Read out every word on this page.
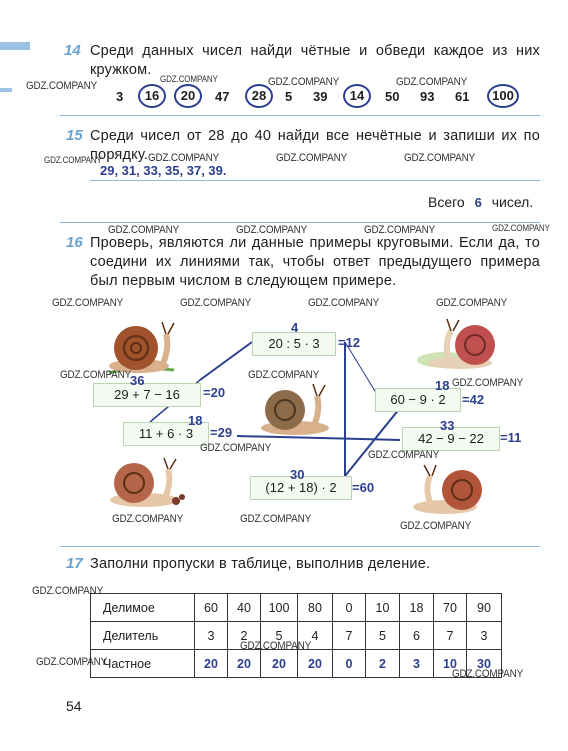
14 Среди данных чисел найди чётные и обведи каждое из них кружком.
3	16	20	47	28	5 39	14	50 93 61	100
15 Среди чисел от 28 до 40 найди все нечётные и запиши их по порядку.
29, 31, 33, 35, 37, 39.
Всего 6 чисел.
16 Проверь, являются ли данные примеры круговыми. Если да, то соедини их линиями так, чтобы ответ предыдущего примера был первым числом в следующем примере.
20 : 5 · 3
4
=12
29 + 7 − 16
36
=20
11 + 6 · 3
18
=29
60 − 9 · 2
18
=42
42 − 9 − 22
33
=11
(12 + 18) · 2
30
=60
17 Заполни пропуски в таблице, выполнив деление.
Делимое	60	40	100	80	0	10	18	70	90
Делитель	3	2	5	4	7	5	6	7	3
Частное	20	20	20	20	0	2	3	10	30
54
GDZ.COMPANY
GDZ.COMPANY	GDZ.COMPANY	GDZ.COMPANY
GDZ.COMPANY	GDZ.COMPANY	GDZ.COMPANY	GDZ.COMPANY
GDZ.COMPANY	GDZ.COMPANY	GDZ.COMPANY	GDZ.COMPANY
GDZ.COMPANY	GDZ.COMPANY	GDZ.COMPANY	GDZ.COMPANY
GDZ.COMPANY	GDZ.COMPANY
GDZ.COMPANY
GDZ.COMPANY
GDZ.COMPANY
GDZ.COMPANY	GDZ.COMPANY
GDZ.COMPANY
GDZ.COMPANY
GDZ.COMPANY
GDZ.COMPANY
GDZ.COMPANY
